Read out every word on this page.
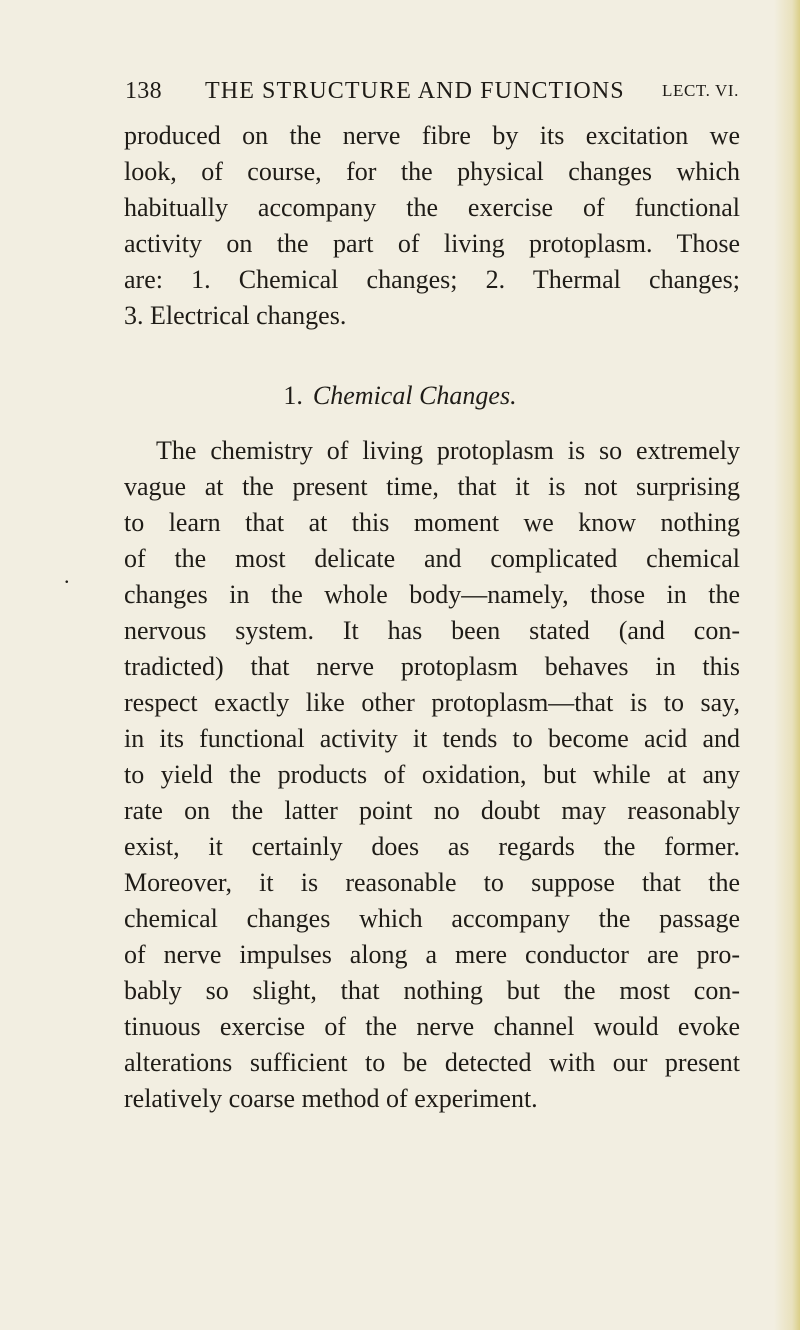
138 THE STRUCTURE AND FUNCTIONS LECT. VI.
produced on the nerve fibre by its excitation we
look, of course, for the physical changes which
habitually accompany the exercise of functional
activity on the part of living protoplasm. Those
are: 1. Chemical changes; 2. Thermal changes;
3. Electrical changes.
1. Chemical Changes.
.
The chemistry of living protoplasm is so extremely
vague at the present time, that it is not surprising
to learn that at this moment we know nothing
of the most delicate and complicated chemical
changes in the whole body—namely, those in the
nervous system. It has been stated (and con-
tradicted) that nerve protoplasm behaves in this
respect exactly like other protoplasm—that is to say,
in its functional activity it tends to become acid and
to yield the products of oxidation, but while at any
rate on the latter point no doubt may reasonably
exist, it certainly does as regards the former.
Moreover, it is reasonable to suppose that the
chemical changes which accompany the passage
of nerve impulses along a mere conductor are pro-
bably so slight, that nothing but the most con-
tinuous exercise of the nerve channel would evoke
alterations sufficient to be detected with our present
relatively coarse method of experiment.
